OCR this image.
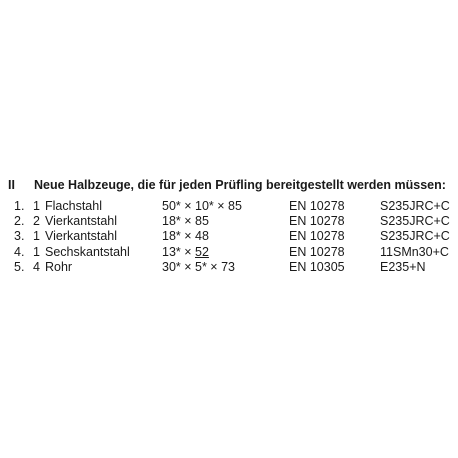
II Neue Halbzeuge, die für jeden Prüfling bereitgestellt werden müssen:
1. 1 Flachstahl	50* × 10* × 85	EN 10278	S235JRC+C
2. 2 Vierkantstahl	18* × 85	EN 10278	S235JRC+C
3. 1 Vierkantstahl	18* × 48	EN 10278	S235JRC+C
4. 1 Sechskantstahl	13* × 52	EN 10278	11SMn30+C
5. 4 Rohr	30* × 5* × 73	EN 10305	E235+N
